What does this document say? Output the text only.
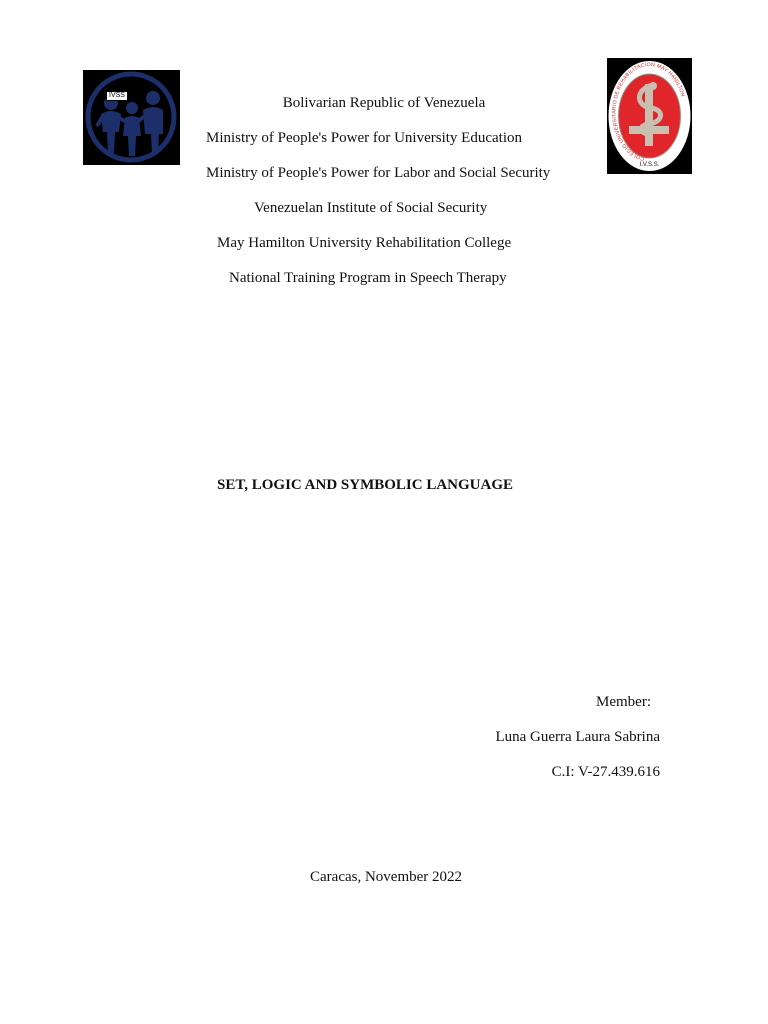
IVSS
COLEGIO UNIVERSITARIO DE REHABILITACION MAY HAMILTON
I.V.S.S.
Bolivarian Republic of Venezuela
Ministry of People's Power for University Education
Ministry of People's Power for Labor and Social Security
Venezuelan Institute of Social Security
May Hamilton University Rehabilitation College
National Training Program in Speech Therapy
SET, LOGIC AND SYMBOLIC LANGUAGE
Member:
Luna Guerra Laura Sabrina
C.I: V-27.439.616
Caracas, November 2022
